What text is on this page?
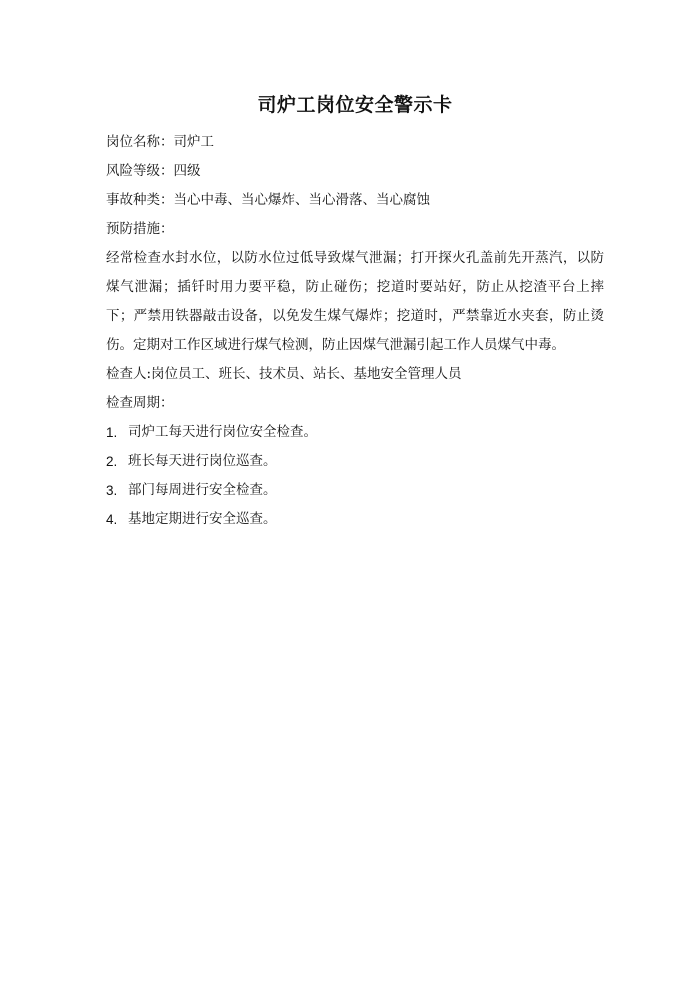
司炉工岗位安全警示卡

岗位名称：司炉工

风险等级：四级

事故种类：当心中毒、当心爆炸、当心滑落、当心腐蚀

预防措施：

经常检查水封水位，以防水位过低导致煤气泄漏；打开探火孔盖前先开蒸汽，以防煤气泄漏；插钎时用力要平稳，防止碰伤；挖道时要站好，防止从挖渣平台上摔下；严禁用铁器敲击设备，以免发生煤气爆炸；挖道时，严禁靠近水夹套，防止烫伤。定期对工作区域进行煤气检测，防止因煤气泄漏引起工作人员煤气中毒。

检查人:岗位员工、班长、技术员、站长、基地安全管理人员

检查周期：

1. 司炉工每天进行岗位安全检查。
2. 班长每天进行岗位巡查。
3. 部门每周进行安全检查。
4. 基地定期进行安全巡查。
